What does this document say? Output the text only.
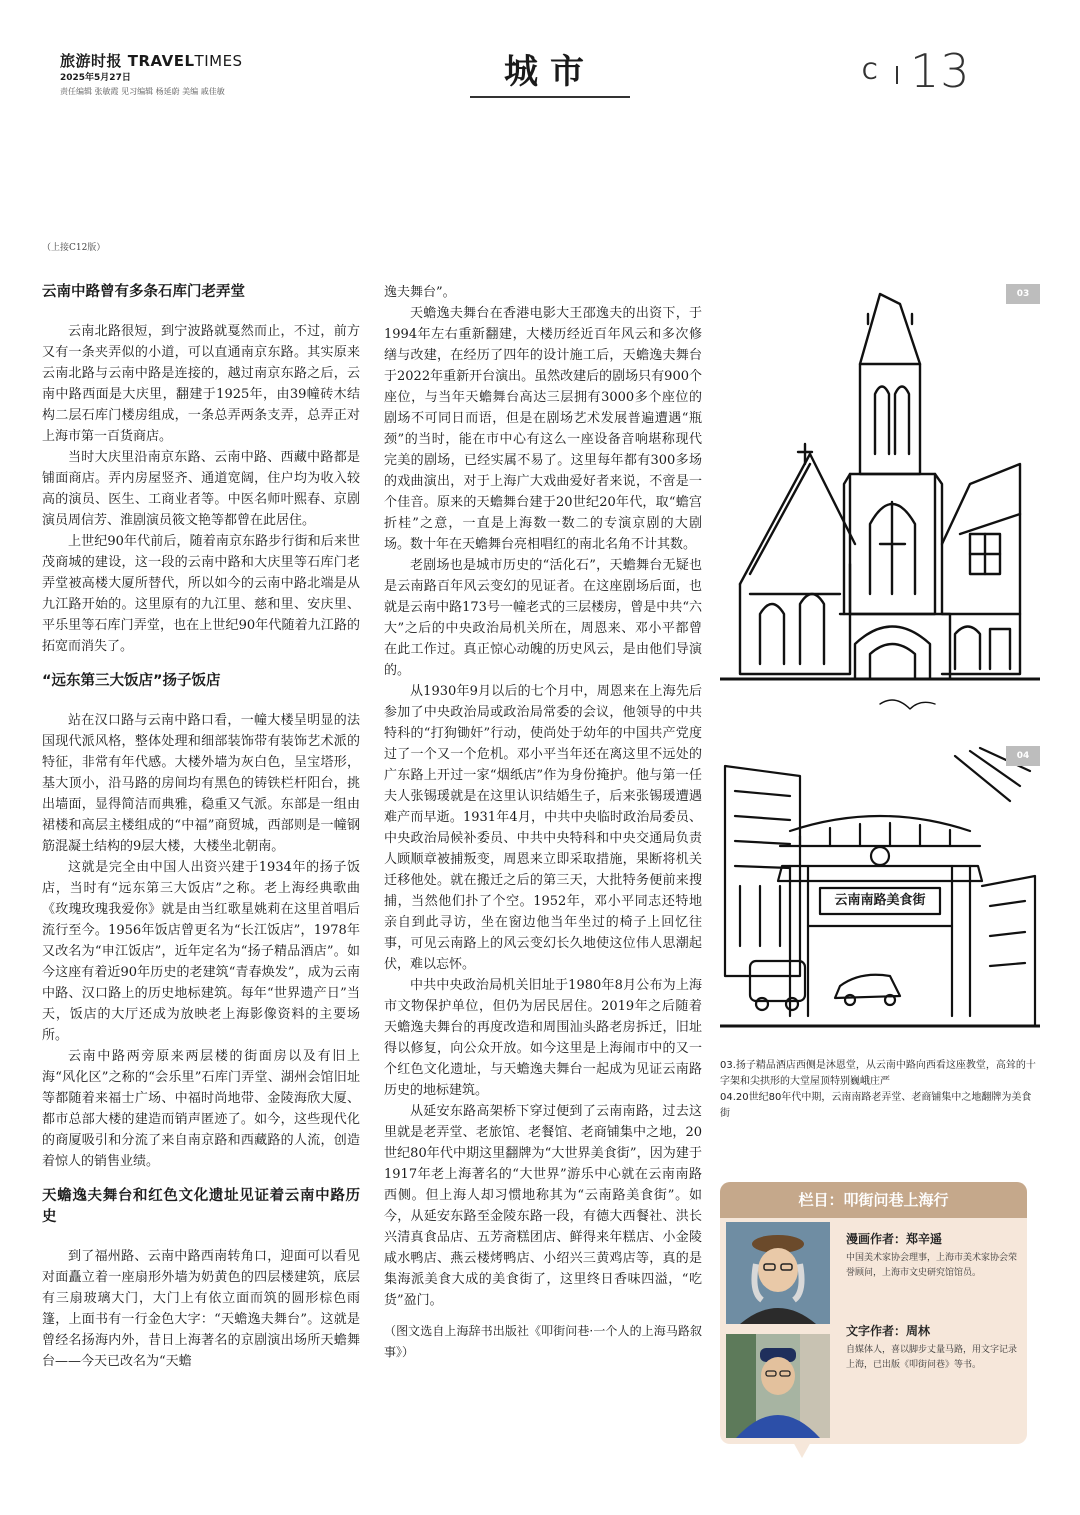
旅游时报 TRAVELTIMES
2025年5月27日
责任编辑 张敏霞 见习编辑 杨延蔚 美编 戚佳敏	城市	C 13
（上接C12版）
云南中路曾有多条石库门老弄堂

云南北路很短，到宁波路就戛然而止，不过，前方又有一条夹弄似的小道，可以直通南京东路。其实原来云南北路与云南中路是连接的，越过南京东路之后，云南中路西面是大庆里，翻建于1925年，由39幢砖木结构二层石库门楼房组成，一条总弄两条支弄，总弄正对上海市第一百货商店。

当时大庆里沿南京东路、云南中路、西藏中路都是铺面商店。弄内房屋竖齐、通道宽阔，住户均为收入较高的演员、医生、工商业者等。中医名师叶熙春、京剧演员周信芳、淮剧演员筱文艳等都曾在此居住。

上世纪90年代前后，随着南京东路步行街和后来世茂商城的建设，这一段的云南中路和大庆里等石库门老弄堂被高楼大厦所替代，所以如今的云南中路北端是从九江路开始的。这里原有的九江里、慈和里、安庆里、平乐里等石库门弄堂，也在上世纪90年代随着九江路的拓宽而消失了。

“远东第三大饭店”扬子饭店

站在汉口路与云南中路口看，一幢大楼呈明显的法国现代派风格，整体处理和细部装饰带有装饰艺术派的特征，非常有年代感。大楼外墙为灰白色，呈宝塔形，基大顶小，沿马路的房间均有黑色的铸铁栏杆阳台，挑出墙面，显得简洁而典雅，稳重又气派。东部是一组由裙楼和高层主楼组成的“中福”商贸城，西部则是一幢钢筋混凝土结构的9层大楼，大楼坐北朝南。

这就是完全由中国人出资兴建于1934年的扬子饭店，当时有“远东第三大饭店”之称。老上海经典歌曲《玫瑰玫瑰我爱你》就是由当红歌星姚莉在这里首唱后流行至今。1956年饭店曾更名为“长江饭店”，1978年又改名为“申江饭店”，近年定名为“扬子精品酒店”。如今这座有着近90年历史的老建筑“青春焕发”，成为云南中路、汉口路上的历史地标建筑。每年“世界遗产日”当天，饭店的大厅还成为放映老上海影像资料的主要场所。

云南中路两旁原来两层楼的街面房以及有旧上海“风化区”之称的“会乐里”石库门弄堂、湖州会馆旧址等都随着来福士广场、中福时尚地带、金陵海欣大厦、都市总部大楼的建造而销声匿迹了。如今，这些现代化的商厦吸引和分流了来自南京路和西藏路的人流，创造着惊人的销售业绩。

天蟾逸夫舞台和红色文化遗址见证着云南中路历史

到了福州路、云南中路西南转角口，迎面可以看见对面矗立着一座扇形外墙为奶黄色的四层楼建筑，底层有三扇玻璃大门，大门上有依立面而筑的圆形棕色雨篷，上面书有一行金色大字：“天蟾逸夫舞台”。这就是曾经名扬海内外，昔日上海著名的京剧演出场所天蟾舞台——今天已改名为“天蟾

逸夫舞台”。

天蟾逸夫舞台在香港电影大王邵逸夫的出资下，于1994年左右重新翻建，大楼历经近百年风云和多次修缮与改建，在经历了四年的设计施工后，天蟾逸夫舞台于2022年重新开台演出。虽然改建后的剧场只有900个座位，与当年天蟾舞台高达三层拥有3000多个座位的剧场不可同日而语，但是在剧场艺术发展普遍遭遇“瓶颈”的当时，能在市中心有这么一座设备音响堪称现代完美的剧场，已经实属不易了。这里每年都有300多场的戏曲演出，对于上海广大戏曲爱好者来说，不啻是一个佳音。原来的天蟾舞台建于20世纪20年代，取“蟾宫折桂”之意，一直是上海数一数二的专演京剧的大剧场。数十年在天蟾舞台亮相唱红的南北名角不计其数。

老剧场也是城市历史的“活化石”，天蟾舞台无疑也是云南路百年风云变幻的见证者。在这座剧场后面，也就是云南中路173号一幢老式的三层楼房，曾是中共“六大”之后的中央政治局机关所在，周恩来、邓小平都曾在此工作过。真正惊心动魄的历史风云，是由他们导演的。

从1930年9月以后的七个月中，周恩来在上海先后参加了中央政治局或政治局常委的会议，他领导的中共特科的“打狗锄奸”行动，使尚处于幼年的中国共产党度过了一个又一个危机。邓小平当年还在离这里不远处的广东路上开过一家“烟纸店”作为身份掩护。他与第一任夫人张锡瑗就是在这里认识结婚生子，后来张锡瑗遭遇难产而早逝。1931年4月，中共中央临时政治局委员、中央政治局候补委员、中共中央特科和中央交通局负责人顾顺章被捕叛变，周恩来立即采取措施，果断将机关迁移他处。就在搬迁之后的第三天，大批特务便前来搜捕，当然他们扑了个空。1952年，邓小平同志还特地亲自到此寻访，坐在窗边他当年坐过的椅子上回忆往事，可见云南路上的风云变幻长久地使这位伟人思潮起伏，难以忘怀。

中共中央政治局机关旧址于1980年8月公布为上海市文物保护单位，但仍为居民居住。2019年之后随着天蟾逸夫舞台的再度改造和周围汕头路老房拆迁，旧址得以修复，向公众开放。如今这里是上海闹市中的又一个红色文化遗址，与天蟾逸夫舞台一起成为见证云南路历史的地标建筑。

从延安东路高架桥下穿过便到了云南南路，过去这里就是老弄堂、老旅馆、老餐馆、老商铺集中之地，20世纪80年代中期这里翻牌为“大世界美食街”，因为建于1917年老上海著名的“大世界”游乐中心就在云南南路西侧。但上海人却习惯地称其为“云南路美食街”。如今，从延安东路至金陵东路一段，有德大西餐社、洪长兴清真食品店、五芳斋糕团店、鲜得来年糕店、小金陵咸水鸭店、燕云楼烤鸭店、小绍兴三黄鸡店等，真的是集海派美食大成的美食街了，这里终日香味四溢，“吃货”盈门。

（图文选自上海辞书出版社《叩街问巷·一个人的上海马路叙事》）

03
04
云南南路美食街
03.扬子精品酒店西侧是沐恩堂，从云南中路向西看这座教堂，高耸的十字架和尖拱形的大堂屋顶特别巍峨庄严
04.20世纪80年代中期，云南南路老弄堂、老商铺集中之地翻牌为美食街
栏目：叩街问巷上海行
漫画作者：郑辛遥
中国美术家协会理事，上海市美术家协会荣誉顾问，上海市文史研究馆馆员。
文字作者：周林
自媒体人，喜以脚步丈量马路，用文字记录上海，已出版《叩街问巷》等书。
